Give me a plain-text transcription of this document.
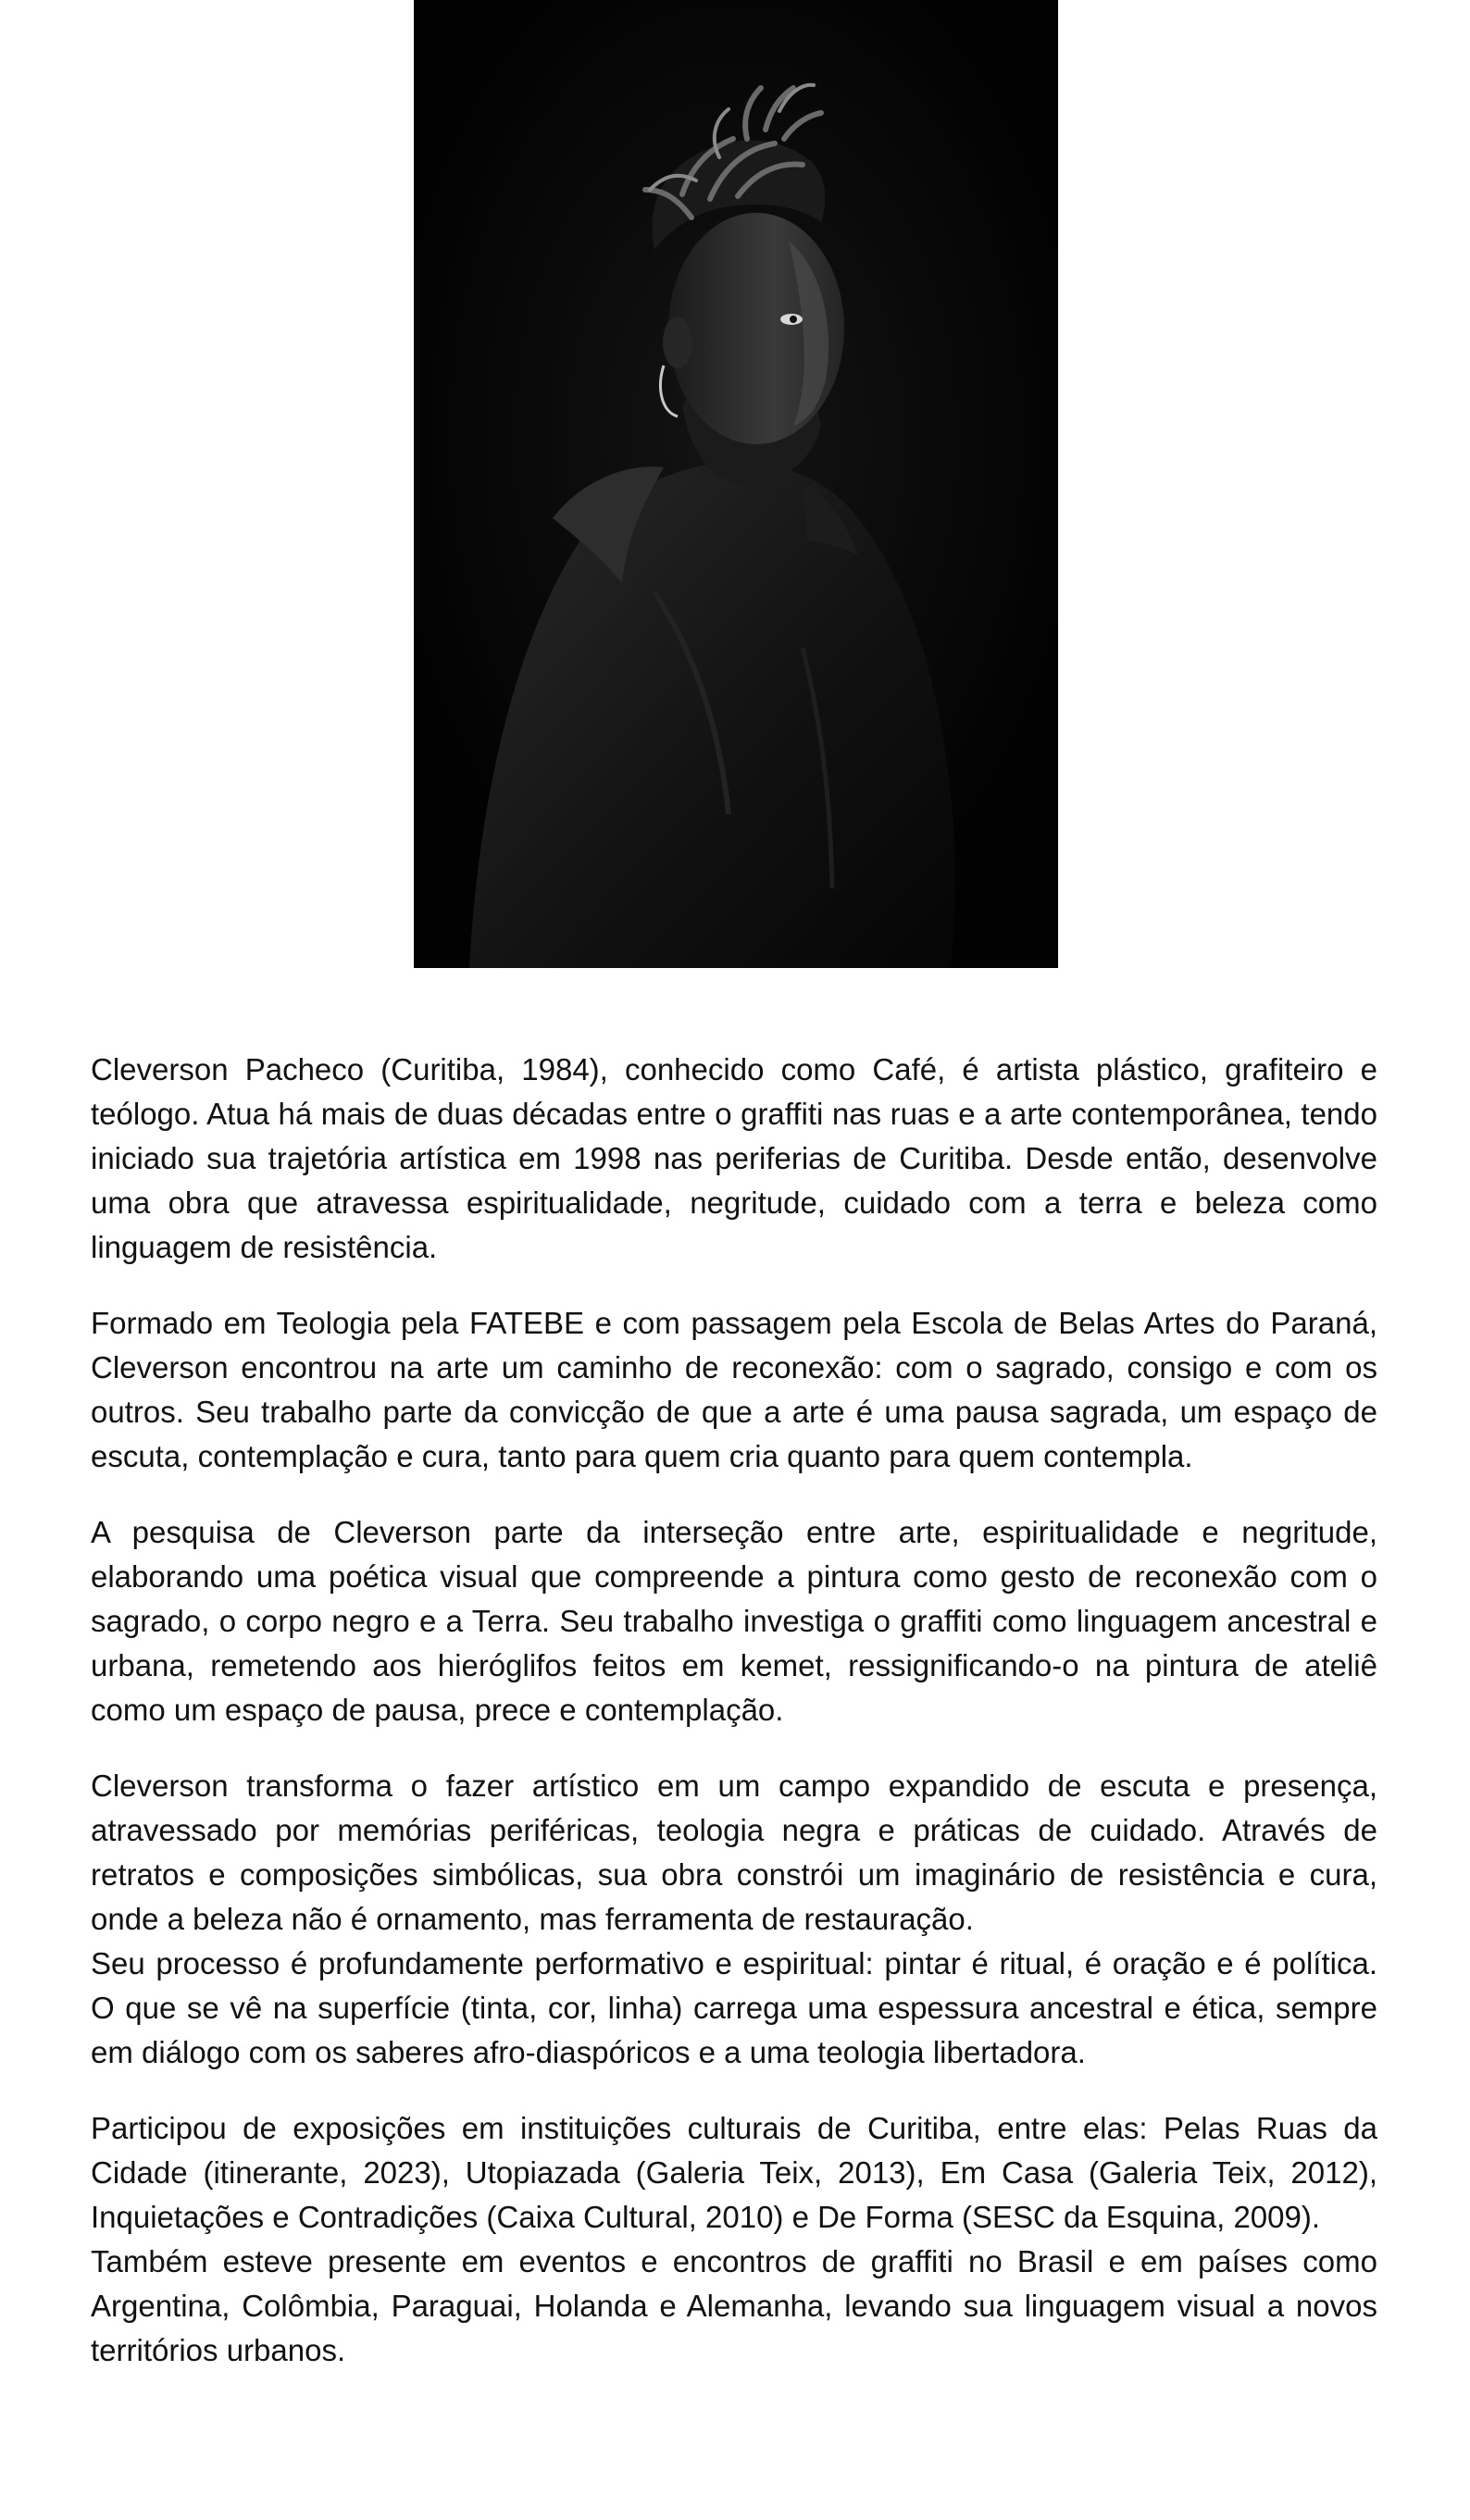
Cleverson Pacheco (Curitiba, 1984), conhecido como Café, é artista plástico, grafiteiro e teólogo. Atua há mais de duas décadas entre o graffiti nas ruas e a arte contemporânea, tendo iniciado sua trajetória artística em 1998 nas periferias de Curitiba. Desde então, desenvolve uma obra que atravessa espiritualidade, negritude, cuidado com a terra e beleza como linguagem de resistência.

Formado em Teologia pela FATEBE e com passagem pela Escola de Belas Artes do Paraná, Cleverson encontrou na arte um caminho de reconexão: com o sagrado, consigo e com os outros. Seu trabalho parte da convicção de que a arte é uma pausa sagrada, um espaço de escuta, contemplação e cura, tanto para quem cria quanto para quem contempla.

A pesquisa de Cleverson parte da interseção entre arte, espiritualidade e negritude, elaborando uma poética visual que compreende a pintura como gesto de reconexão com o sagrado, o corpo negro e a Terra. Seu trabalho investiga o graffiti como linguagem ancestral e urbana, remetendo aos hieróglifos feitos em kemet, ressignificando-o na pintura de ateliê como um espaço de pausa, prece e contemplação.

Cleverson transforma o fazer artístico em um campo expandido de escuta e presença, atravessado por memórias periféricas, teologia negra e práticas de cuidado. Através de retratos e composições simbólicas, sua obra constrói um imaginário de resistência e cura, onde a beleza não é ornamento, mas ferramenta de restauração.

Seu processo é profundamente performativo e espiritual: pintar é ritual, é oração e é política. O que se vê na superfície (tinta, cor, linha) carrega uma espessura ancestral e ética, sempre em diálogo com os saberes afro-diaspóricos e a uma teologia libertadora.

Participou de exposições em instituições culturais de Curitiba, entre elas: Pelas Ruas da Cidade (itinerante, 2023), Utopiazada (Galeria Teix, 2013), Em Casa (Galeria Teix, 2012), Inquietações e Contradições (Caixa Cultural, 2010) e De Forma (SESC da Esquina, 2009).

Também esteve presente em eventos e encontros de graffiti no Brasil e em países como Argentina, Colômbia, Paraguai, Holanda e Alemanha, levando sua linguagem visual a novos territórios urbanos.
